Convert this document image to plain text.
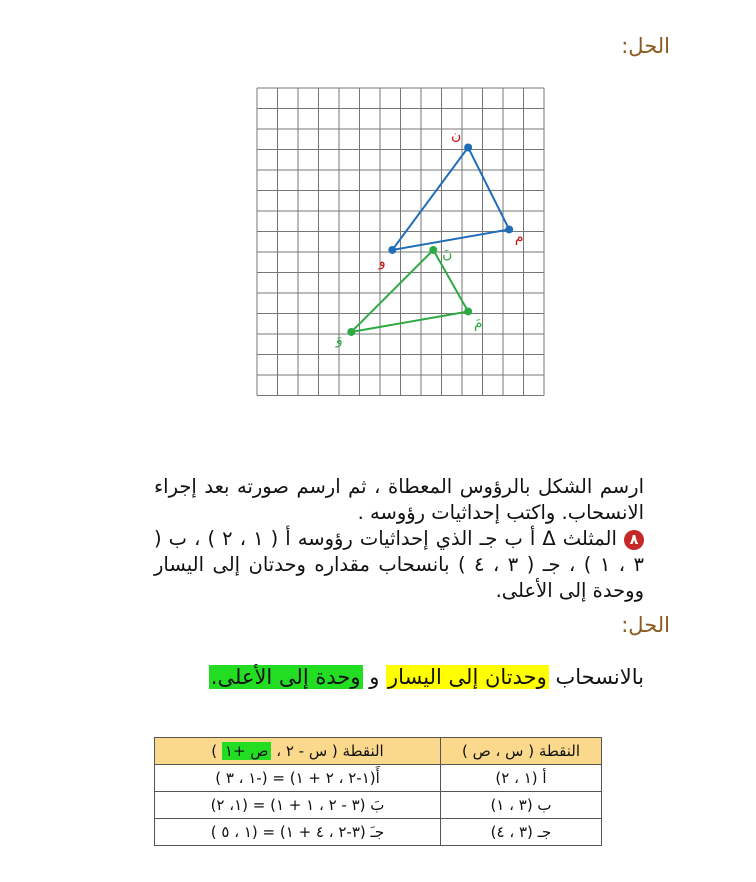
الحل:
ن
م
و	نَ
مَ
وَ

ارسم الشكل بالرؤوس المعطاة ، ثم ارسم صورته بعد إجراء الانسحاب. واكتب إحداثيات رؤوسه .

٨ المثلث Δ أ ب جـ الذي إحداثيات رؤوسه أ ( ١ ، ٢ ) ، ب ( ٣ ، ١ ) ، جـ ( ٣ ، ٤ ) بانسحاب مقداره وحدتان إلى اليسار ووحدة إلى الأعلى.

الحل:
بالانسحاب وحدتان إلى اليسار و وحدة إلى الأعلى.
النقطة ( س ، ص )	النقطة ( س - ٢ ، ص +١ )
أ (١ ، ٢)	أَ(١-٢ ، ٢ + ١) = (-١ ، ٣ )
ب (٣ ، ١)	بَ (٣ - ٢ ، ١ + ١) = (١، ٢)
جـ (٣ ، ٤)	جـَ (٣-٢ ، ٤ + ١) = (١ ، ٥ )
